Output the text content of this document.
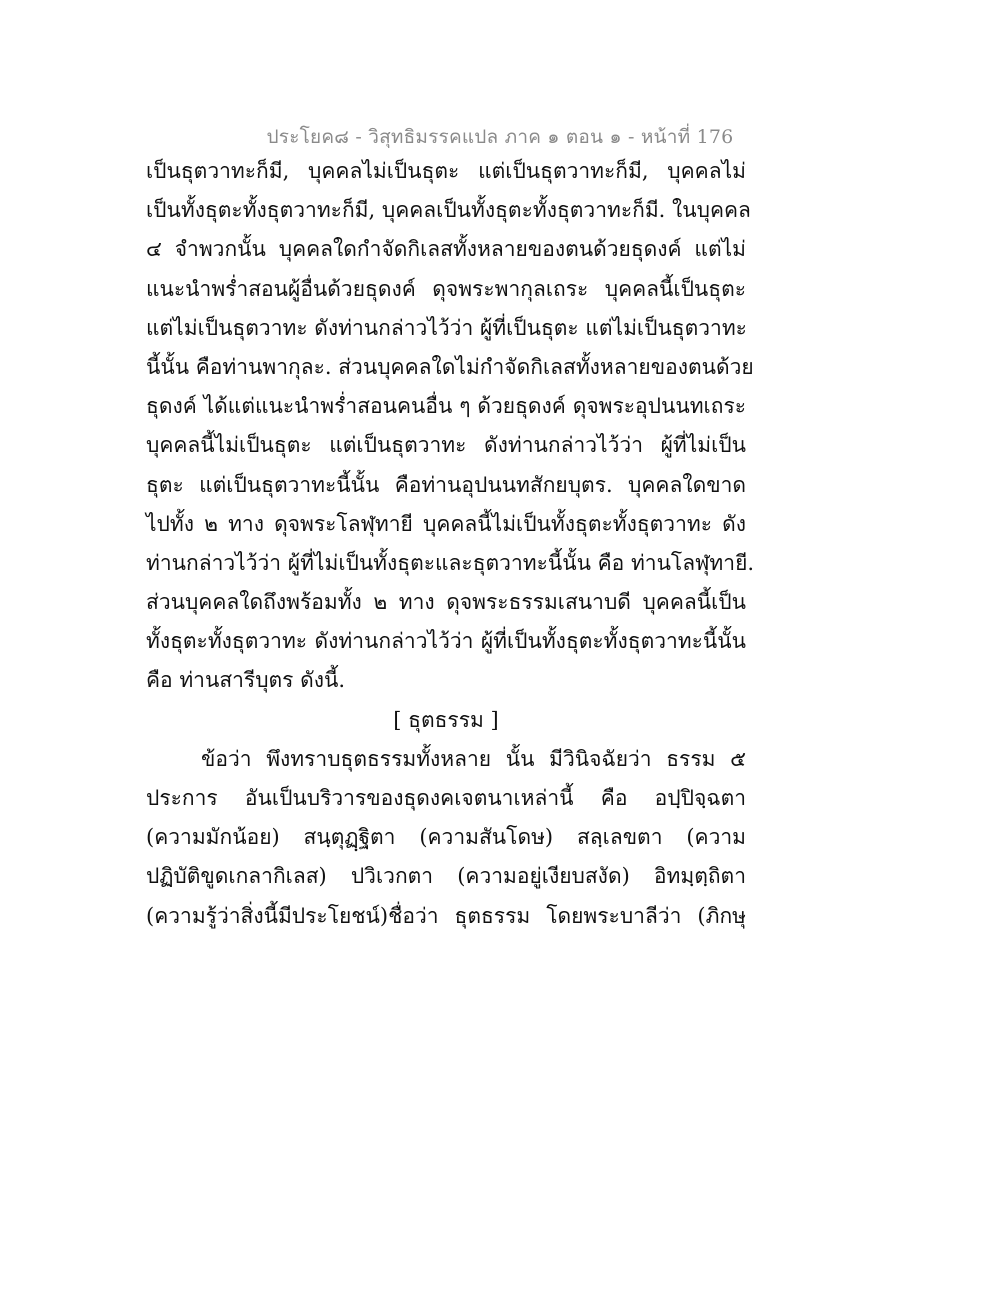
ประโยค๘ - วิสุทธิมรรคแปล ภาค ๑ ตอน ๑ - หน้าที่ 176
เป็นธุตวาทะก็มี, บุคคลไม่เป็นธุตะ แต่เป็นธุตวาทะก็มี, บุคคลไม่
เป็นทั้งธุตะทั้งธุตวาทะก็มี, บุคคลเป็นทั้งธุตะทั้งธุตวาทะก็มี. ในบุคคล
๔ จำพวกนั้น บุคคลใดกำจัดกิเลสทั้งหลายของตนด้วยธุดงค์ แต่ไม่
แนะนำพร่ำสอนผู้อื่นด้วยธุดงค์ ดุจพระพากุลเถระ บุคคลนี้เป็นธุตะ
แต่ไม่เป็นธุตวาทะ ดังท่านกล่าวไว้ว่า ผู้ที่เป็นธุตะ แต่ไม่เป็นธุตวาทะ
นี้นั้น คือท่านพากุละ. ส่วนบุคคลใดไม่กำจัดกิเลสทั้งหลายของตนด้วย
ธุดงค์ ได้แต่แนะนำพร่ำสอนคนอื่น ๆ ด้วยธุดงค์ ดุจพระอุปนนทเถระ
บุคคลนี้ไม่เป็นธุตะ แต่เป็นธุตวาทะ ดังท่านกล่าวไว้ว่า ผู้ที่ไม่เป็น
ธุตะ แต่เป็นธุตวาทะนี้นั้น คือท่านอุปนนทสักยบุตร. บุคคลใดขาด
ไปทั้ง ๒ ทาง ดุจพระโลฬุทายี บุคคลนี้ไม่เป็นทั้งธุตะทั้งธุตวาทะ ดัง
ท่านกล่าวไว้ว่า ผู้ที่ไม่เป็นทั้งธุตะและธุตวาทะนี้นั้น คือ ท่านโลฬุทายี.
ส่วนบุคคลใดถึงพร้อมทั้ง ๒ ทาง ดุจพระธรรมเสนาบดี บุคคลนี้เป็น
ทั้งธุตะทั้งธุตวาทะ ดังท่านกล่าวไว้ว่า ผู้ที่เป็นทั้งธุตะทั้งธุตวาทะนี้นั้น
คือ ท่านสารีบุตร ดังนี้.
[ ธุตธรรม ]
ข้อว่า พึงทราบธุตธรรมทั้งหลาย นั้น มีวินิจฉัยว่า ธรรม ๕
ประการ อันเป็นบริวารของธุดงคเจตนาเหล่านี้ คือ อปฺปิจฺฉตา
(ความมักน้อย) สนฺตุฏฺฐิตา (ความสันโดษ) สลฺเลขตา (ความ
ปฏิบัติขูดเกลากิเลส) ปวิเวกตา (ความอยู่เงียบสงัด) อิทมฺตฺถิตา
(ความรู้ว่าสิ่งนี้มีประโยชน์)ชื่อว่า ธุตธรรม โดยพระบาลีว่า (ภิกษุ
